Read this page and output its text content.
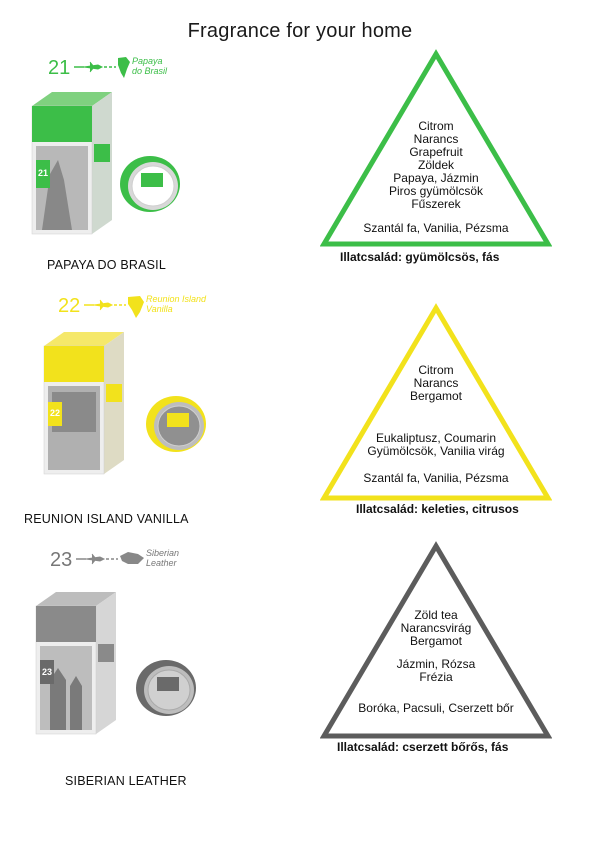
Fragrance for your home
21	Papaya
do Brasil
21
PAPAYA DO BRASIL
Citrom
Narancs
Grapefruit
Zöldek
Papaya, Jázmin
Piros gyümölcsök
Fűszerek
Szantál fa, Vanilia, Pézsma
Illatcsalád: gyümölcsös, fás
22	Reunion Island
Vanilla
22
REUNION ISLAND VANILLA
Citrom
Narancs
Bergamot
Eukaliptusz, Coumarin
Gyümölcsök, Vanilia virág
Szantál fa, Vanilia, Pézsma
Illatcsalád: keleties, citrusos
23	Siberian
Leather
23
SIBERIAN LEATHER
Zöld tea
Narancsvirág
Bergamot
Jázmin, Rózsa
Frézia
Boróka, Pacsuli, Cserzett bőr
Illatcsalád: cserzett bőrős, fás
